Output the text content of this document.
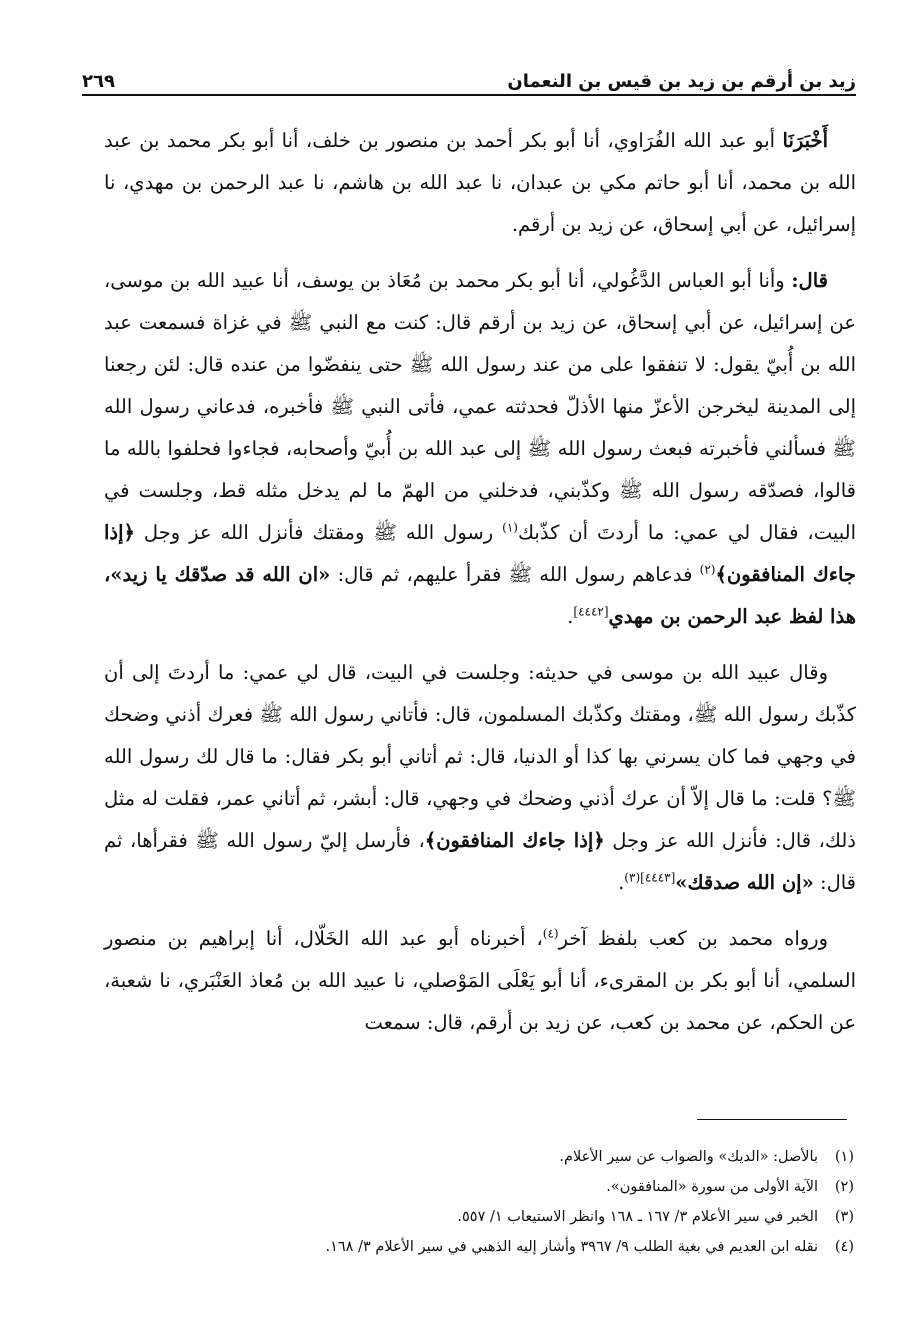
زيد بن أرقم بن زيد بن قيس بن النعمان
٢٦٩

أَخْبَرَنَا أبو عبد الله الفُرَاوي، أنا أبو بكر أحمد بن منصور بن خلف، أنا أبو بكر محمد بن عبد الله بن محمد، أنا أبو حاتم مكي بن عبدان، نا عبد الله بن هاشم، نا عبد الرحمن بن مهدي، نا إسرائيل، عن أبي إسحاق، عن زيد بن أرقم.

قال: وأنا أبو العباس الدَّغُولي، أنا أبو بكر محمد بن مُعَاذ بن يوسف، أنا عبيد الله بن موسى، عن إسرائيل، عن أبي إسحاق، عن زيد بن أرقم قال: كنت مع النبي ﷺ في غزاة فسمعت عبد الله بن أُبيّ يقول: لا تنفقوا على من عند رسول الله ﷺ حتى ينفضّوا من عنده قال: لئن رجعنا إلى المدينة ليخرجن الأعزّ منها الأذلّ فحدثته عمي، فأتى النبي ﷺ فأخبره، فدعاني رسول الله ﷺ فسألني فأخبرته فبعث رسول الله ﷺ إلى عبد الله بن أُبيّ وأصحابه، فجاءوا فحلفوا بالله ما قالوا، فصدّقه رسول الله ﷺ وكذّبني، فدخلني من الهمّ ما لم يدخل مثله قط، وجلست في البيت، فقال لي عمي: ما أردتَ أن كذّبك$^{(١)}$ رسول الله ﷺ ومقتك فأنزل الله عز وجل ﴿إذا جاءك المنافقون﴾$^{(٢)}$ فدعاهم رسول الله ﷺ فقرأ عليهم، ثم قال: «ان الله قد صدّقك يا زيد»، هذا لفظ عبد الرحمن بن مهدي[٤٤٤٢].

وقال عبيد الله بن موسى في حديثه: وجلست في البيت، قال لي عمي: ما أردتَ إلى أن كذّبك رسول الله ﷺ، ومقتك وكذّبك المسلمون، قال: فأتاني رسول الله ﷺ فعرك أذني وضحك في وجهي فما كان يسرني بها كذا أو الدنيا، قال: ثم أتاني أبو بكر فقال: ما قال لك رسول الله ﷺ؟ قلت: ما قال إلاّ أن عرك أذني وضحك في وجهي، قال: أبشر، ثم أتاني عمر، فقلت له مثل ذلك، قال: فأنزل الله عز وجل ﴿إذا جاءك المنافقون﴾، فأرسل إليّ رسول الله ﷺ فقرأها، ثم قال: «إن الله صدقك»$^{[٤٤٤٣](٣)}$.

ورواه محمد بن كعب بلفظ آخر$^{(٤)}$، أخبرناه أبو عبد الله الخَلّال، أنا إبراهيم بن منصور السلمي، أنا أبو بكر بن المقرىء، أنا أبو يَعْلَى المَوْصلي، نا عبيد الله بن مُعاذ العَنْبَري، نا شعبة، عن الحكم، عن محمد بن كعب، عن زيد بن أرقم، قال: سمعت

(١)بالأصل: «الديك» والصواب عن سير الأعلام.
(٢)الآية الأولى من سورة «المنافقون».
(٣)الخبر في سير الأعلام ٣/ ١٦٧ ـ ١٦٨ وانظر الاستيعاب ١/ ٥٥٧.
(٤)نقله ابن العديم في بغية الطلب ٩/ ٣٩٦٧ وأشار إليه الذهبي في سير الأعلام ٣/ ١٦٨.
